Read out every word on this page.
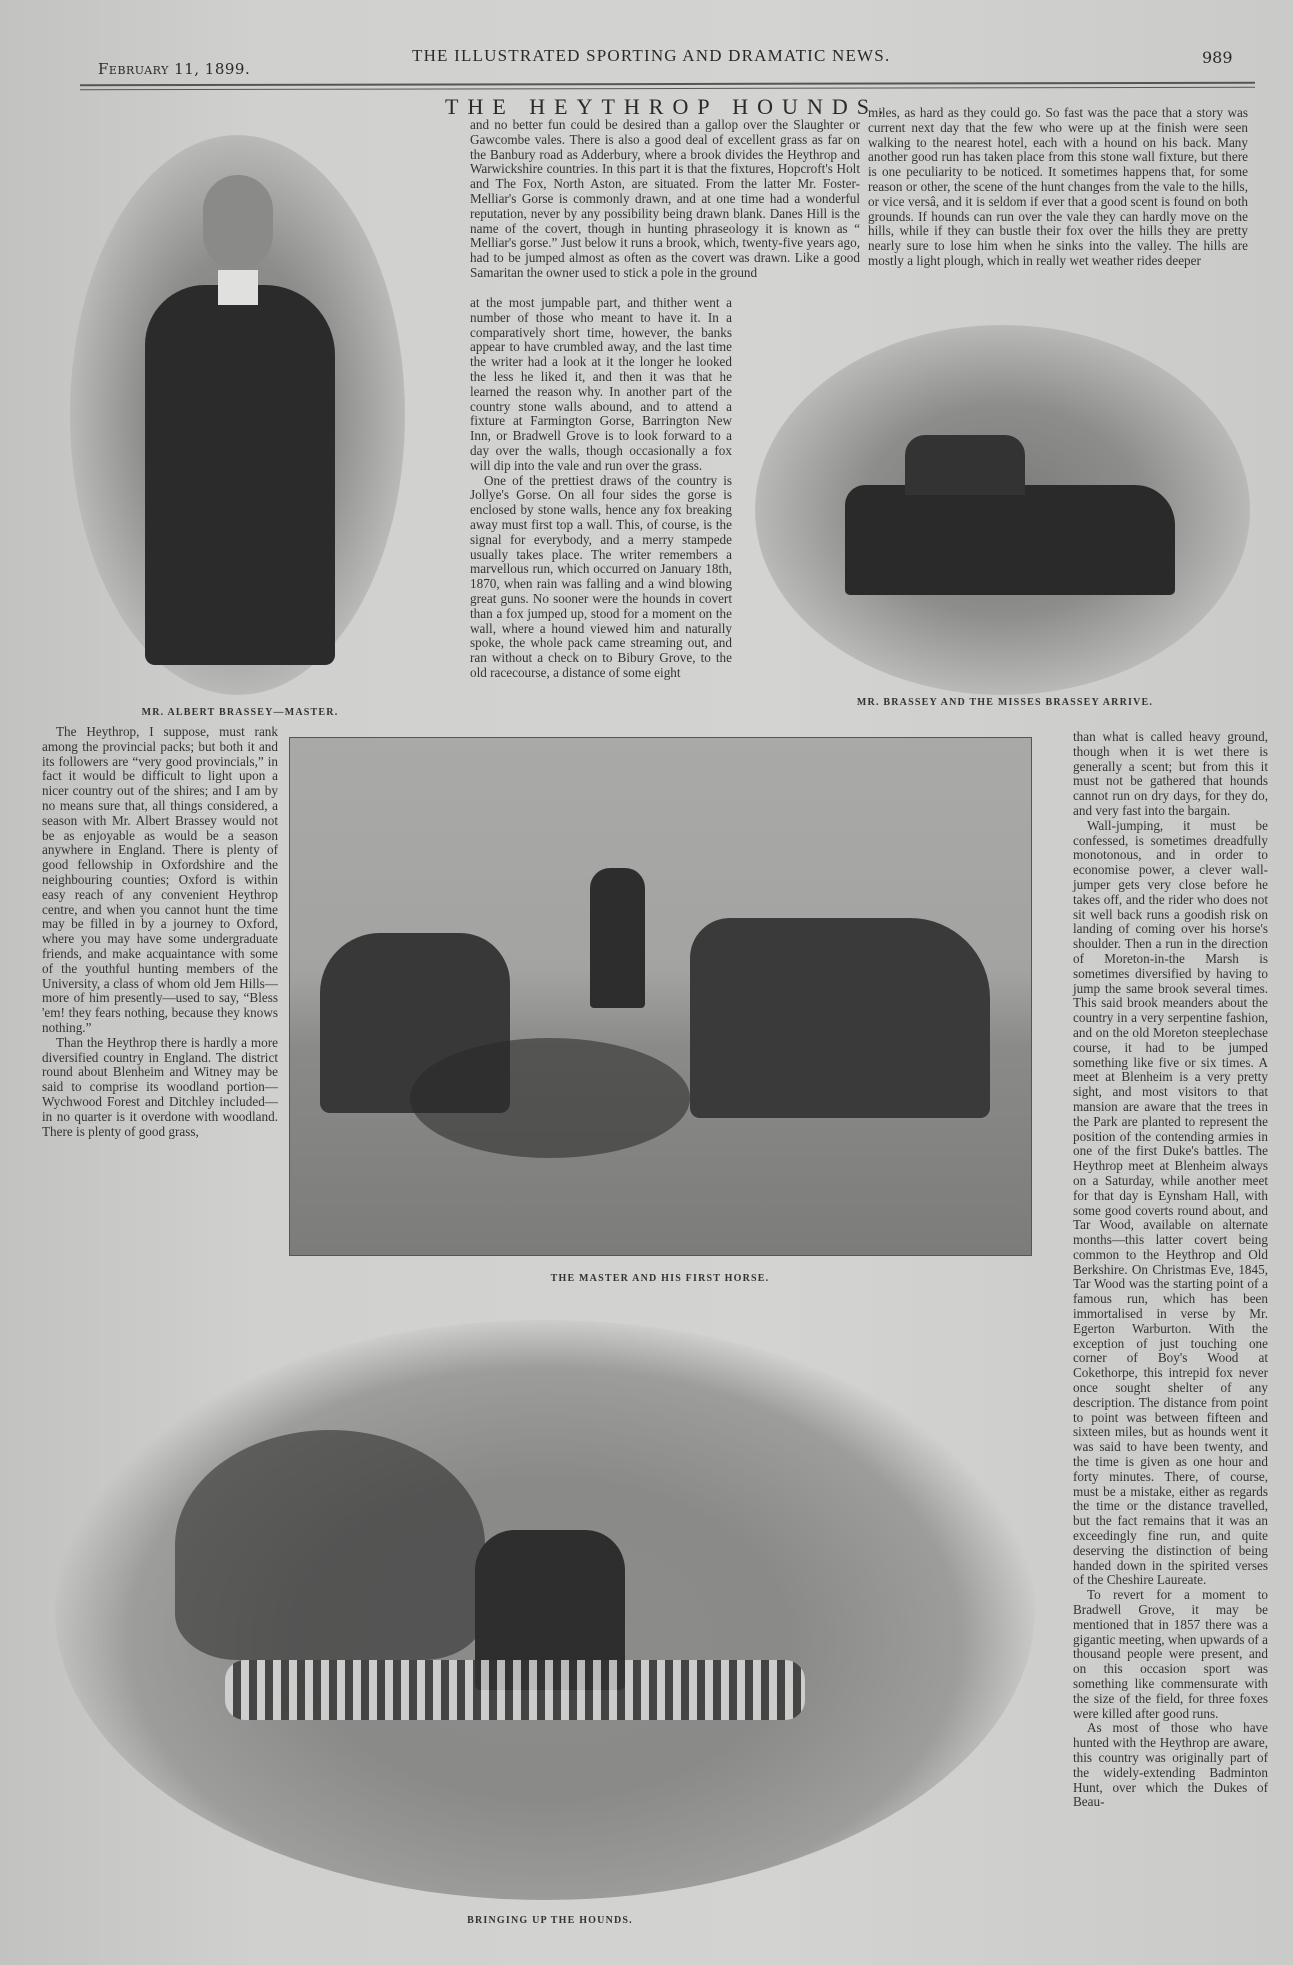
February 11, 1899.
THE ILLUSTRATED SPORTING AND DRAMATIC NEWS.	989
THE HEYTHROP HOUNDS.
MR. ALBERT BRASSEY—MASTER.

and no better fun could be desired than a gallop over the Slaughter or Gawcombe vales. There is also a good deal of excellent grass as far on the Banbury road as Adderbury, where a brook divides the Heythrop and Warwickshire countries. In this part it is that the fixtures, Hopcroft's Holt and The Fox, North Aston, are situated. From the latter Mr. Foster-Melliar's Gorse is commonly drawn, and at one time had a wonderful reputation, never by any possibility being drawn blank. Danes Hill is the name of the covert, though in hunting phraseology it is known as “ Melliar's gorse.” Just below it runs a brook, which, twenty-five years ago, had to be jumped almost as often as the covert was drawn. Like a good Samaritan the owner used to stick a pole in the ground

at the most jumpable part, and thither went a number of those who meant to have it. In a comparatively short time, however, the banks appear to have crumbled away, and the last time the writer had a look at it the longer he looked the less he liked it, and then it was that he learned the reason why. In another part of the country stone walls abound, and to attend a fixture at Farmington Gorse, Barrington New Inn, or Bradwell Grove is to look forward to a day over the walls, though occasionally a fox will dip into the vale and run over the grass.

One of the prettiest draws of the country is Jollye's Gorse. On all four sides the gorse is enclosed by stone walls, hence any fox breaking away must first top a wall. This, of course, is the signal for everybody, and a merry stampede usually takes place. The writer remembers a marvellous run, which occurred on January 18th, 1870, when rain was falling and a wind blowing great guns. No sooner were the hounds in covert than a fox jumped up, stood for a moment on the wall, where a hound viewed him and naturally spoke, the whole pack came streaming out, and ran without a check on to Bibury Grove, to the old racecourse, a distance of some eight

miles, as hard as they could go. So fast was the pace that a story was current next day that the few who were up at the finish were seen walking to the nearest hotel, each with a hound on his back. Many another good run has taken place from this stone wall fixture, but there is one peculiarity to be noticed. It sometimes happens that, for some reason or other, the scene of the hunt changes from the vale to the hills, or vice versâ, and it is seldom if ever that a good scent is found on both grounds. If hounds can run over the vale they can hardly move on the hills, while if they can bustle their fox over the hills they are pretty nearly sure to lose him when he sinks into the valley. The hills are mostly a light plough, which in really wet weather rides deeper

MR. BRASSEY AND THE MISSES BRASSEY ARRIVE.

The Heythrop, I suppose, must rank among the provincial packs; but both it and its followers are “very good provincials,” in fact it would be difficult to light upon a nicer country out of the shires; and I am by no means sure that, all things considered, a season with Mr. Albert Brassey would not be as enjoyable as would be a season anywhere in England. There is plenty of good fellowship in Oxfordshire and the neighbouring counties; Oxford is within easy reach of any convenient Heythrop centre, and when you cannot hunt the time may be filled in by a journey to Oxford, where you may have some undergraduate friends, and make acquaintance with some of the youthful hunting members of the University, a class of whom old Jem Hills—more of him presently—used to say, “Bless 'em! they fears nothing, because they knows nothing.”

Than the Heythrop there is hardly a more diversified country in England. The district round about Blenheim and Witney may be said to comprise its woodland portion—Wychwood Forest and Ditchley included—in no quarter is it overdone with woodland. There is plenty of good grass,

THE MASTER AND HIS FIRST HORSE.

than what is called heavy ground, though when it is wet there is generally a scent; but from this it must not be gathered that hounds cannot run on dry days, for they do, and very fast into the bargain.

Wall-jumping, it must be confessed, is sometimes dreadfully monotonous, and in order to economise power, a clever wall-jumper gets very close before he takes off, and the rider who does not sit well back runs a goodish risk on landing of coming over his horse's shoulder. Then a run in the direction of Moreton-in-the Marsh is sometimes diversified by having to jump the same brook several times. This said brook meanders about the country in a very serpentine fashion, and on the old Moreton steeplechase course, it had to be jumped something like five or six times. A meet at Blenheim is a very pretty sight, and most visitors to that mansion are aware that the trees in the Park are planted to represent the position of the contending armies in one of the first Duke's battles. The Heythrop meet at Blenheim always on a Saturday, while another meet for that day is Eynsham Hall, with some good coverts round about, and Tar Wood, available on alternate months—this latter covert being common to the Heythrop and Old Berkshire. On Christmas Eve, 1845, Tar Wood was the starting point of a famous run, which has been immortalised in verse by Mr. Egerton Warburton. With the exception of just touching one corner of Boy's Wood at Cokethorpe, this intrepid fox never once sought shelter of any description. The distance from point to point was between fifteen and sixteen miles, but as hounds went it was said to have been twenty, and the time is given as one hour and forty minutes. There, of course, must be a mistake, either as regards the time or the distance travelled, but the fact remains that it was an exceedingly fine run, and quite deserving the distinction of being handed down in the spirited verses of the Cheshire Laureate.

To revert for a moment to Bradwell Grove, it may be mentioned that in 1857 there was a gigantic meeting, when upwards of a thousand people were present, and on this occasion sport was something like commensurate with the size of the field, for three foxes were killed after good runs.

As most of those who have hunted with the Heythrop are aware, this country was originally part of the widely-extending Badminton Hunt, over which the Dukes of Beau-

BRINGING UP THE HOUNDS.
